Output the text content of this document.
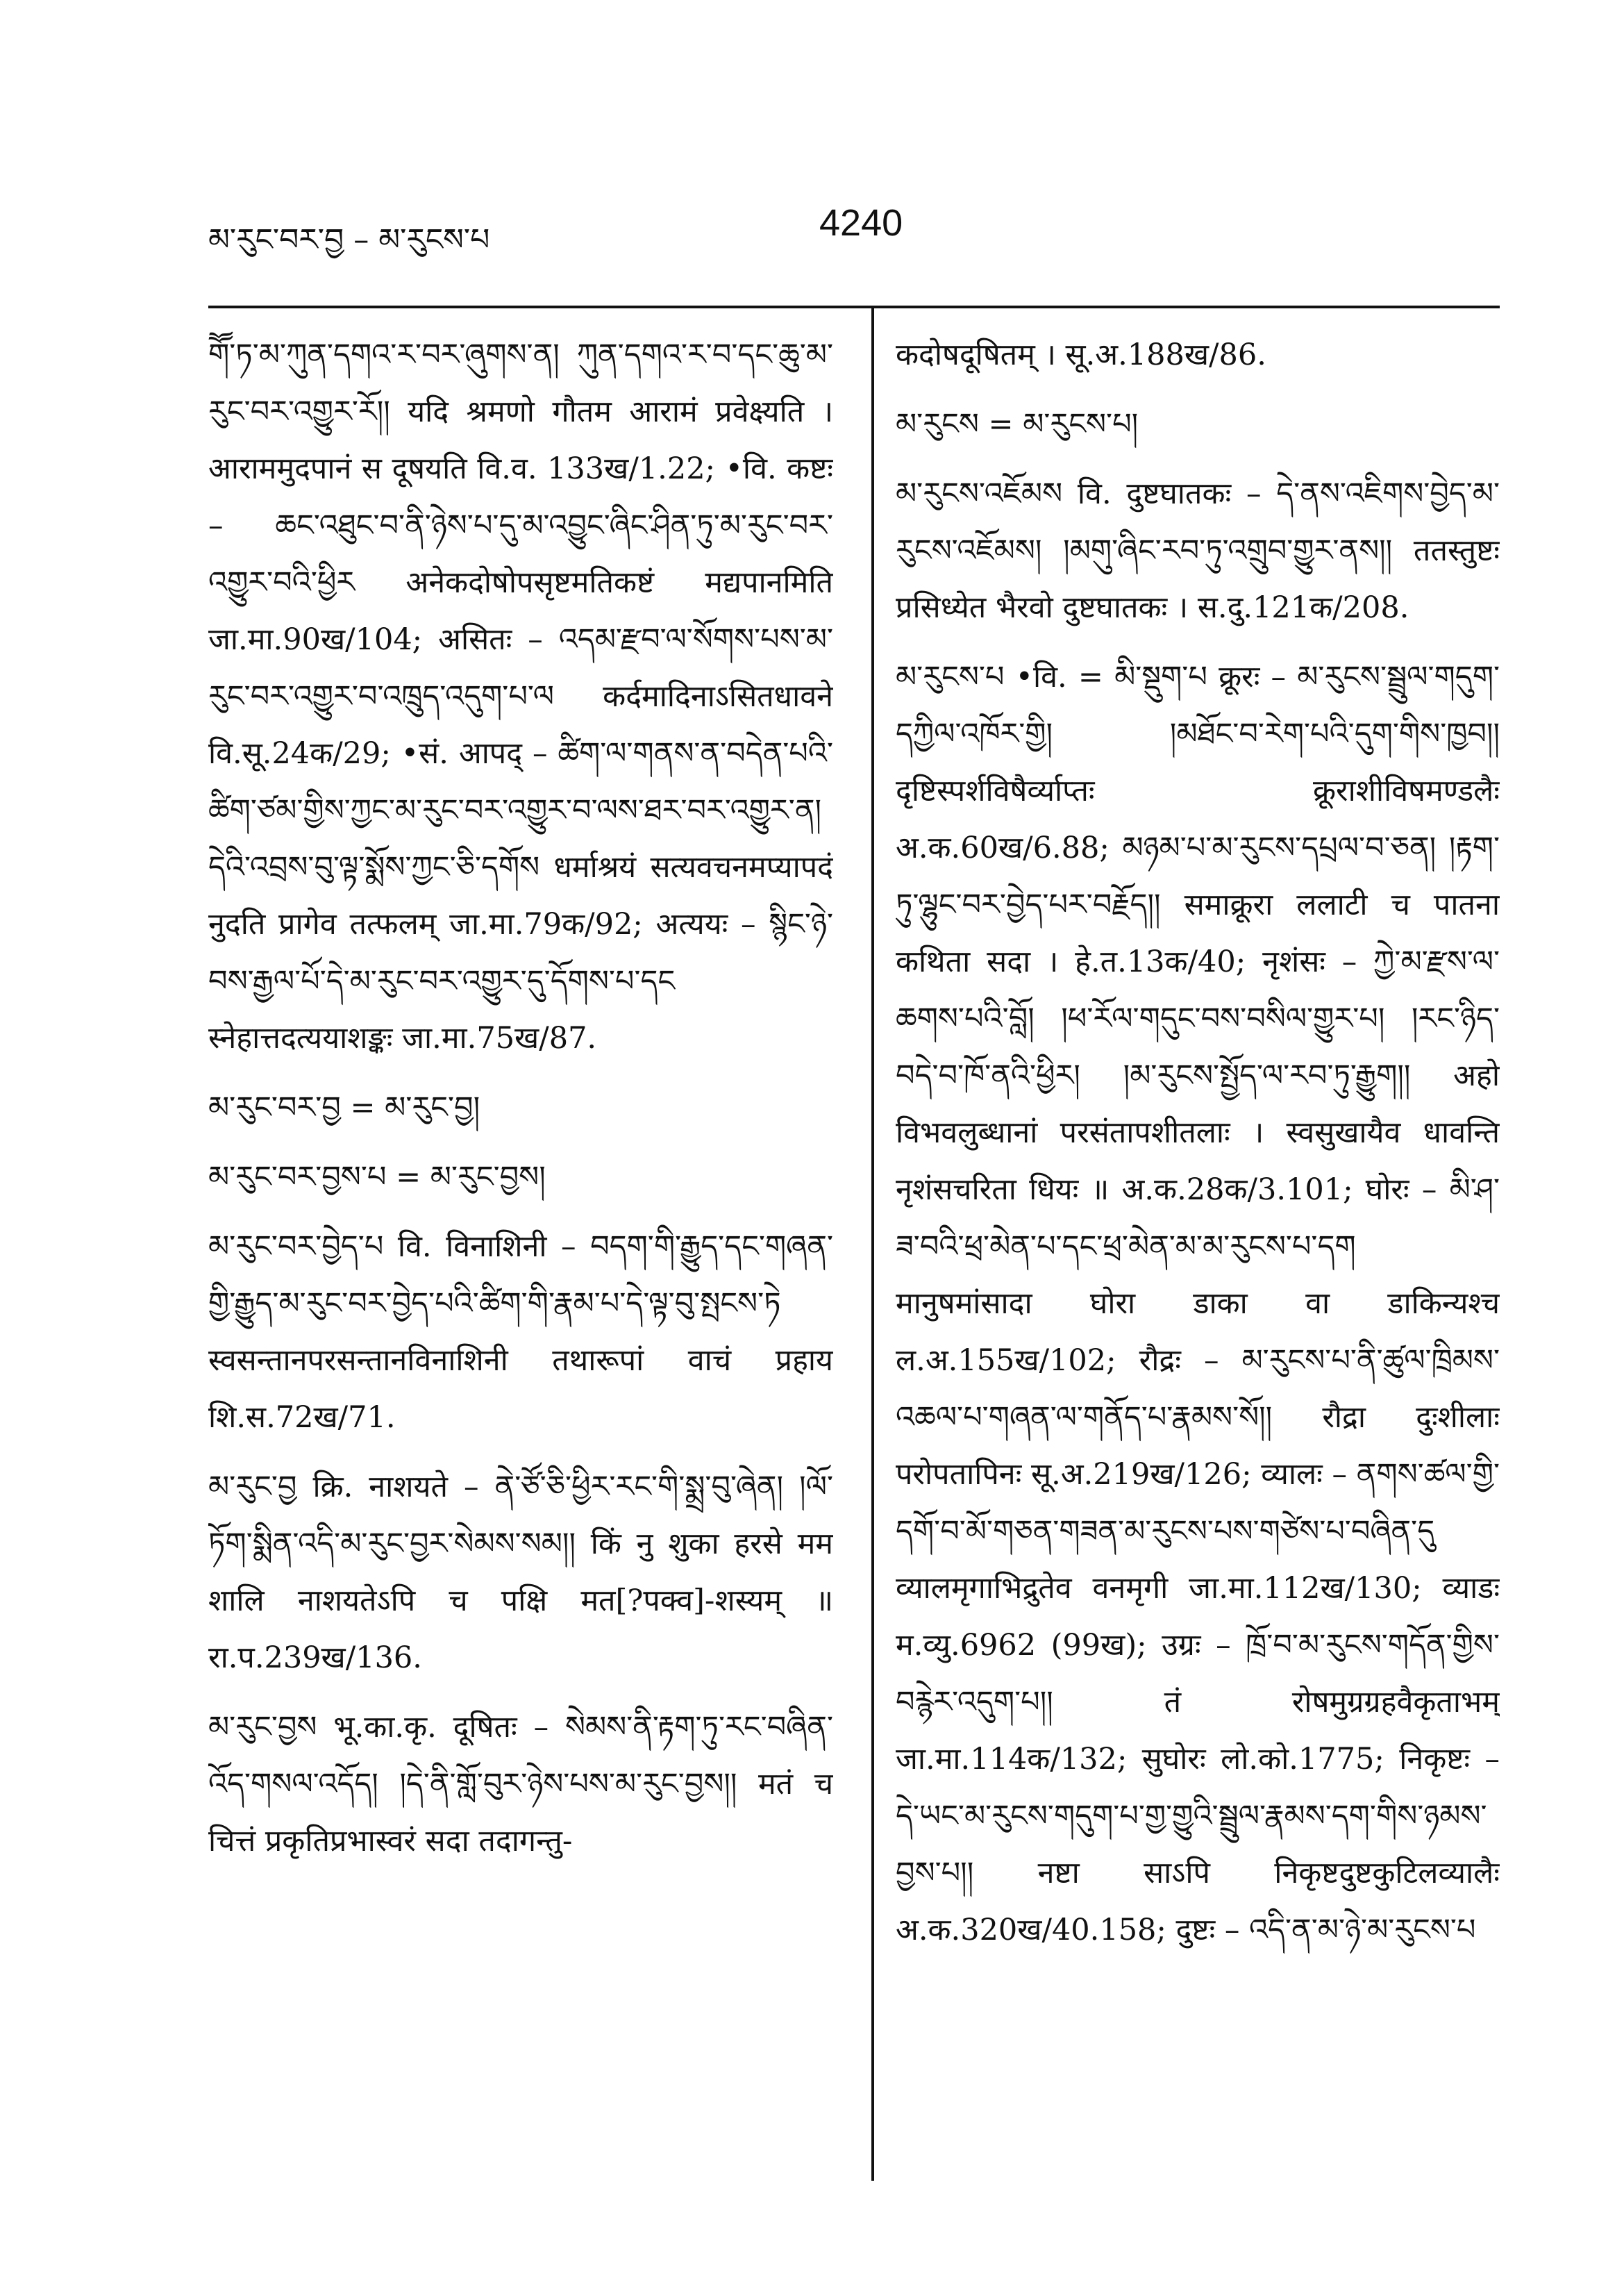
མ་རུང་བར་བྱ – མ་རུངས་པ	4240

གཽ་ཏ་མ་ཀུན་དགའ་ར་བར་ཞུགས་ན། ཀུན་དགའ་ར་བ་དང་ཆུ་མ་རུང་བར་འགྱུར་རོ།། यदि श्रमणो गौतम आरामं प्रवेक्ष्यति । आराममुदपानं स दूषयति वि.व. 133ख/1.22; •वि. कष्टः – ཆང་འཐུང་བ་ནི་ཉེས་པ་དུ་མ་འབྱུང་ཞིང་ཤིན་ཏུ་མ་རུང་བར་འགྱུར་བའི་ཕྱིར अनेकदोषोपसृष्टमतिकष्टं मद्यपानमिति जा.मा.90ख/104; असितः – འདམ་རྫབ་ལ་སོགས་པས་མ་རུང་བར་འགྱུར་བ་འཁྲུད་འདུག་པ་ལ कर्दमादिनाऽसितधावने वि.सू.24क/29; •सं. आपद् – ཚིག་ལ་གནས་ན་བདེན་པའི་ཚིག་ཙམ་གྱིས་ཀྱང་མ་རུང་བར་འགྱུར་བ་ལས་ཐར་བར་འགྱུར་ན། དེའི་འབྲས་བུ་ལྟ་སྨོས་ཀྱང་ཅི་དགོས धर्माश्रयं सत्यवचनमप्यापदं नुदति प्रागेव तत्फलम् जा.मा.79क/92; अत्ययः – སྙིང་ཉེ་བས་རྒྱལ་པོ་དེ་མ་རུང་བར་འགྱུར་དུ་དོགས་པ་དང स्नेहात्तदत्ययाशङ्कः जा.मा.75ख/87.

མ་རུང་བར་བྱ = མ་རུང་བྱ།

མ་རུང་བར་བྱས་པ = མ་རུང་བྱས།

མ་རུང་བར་བྱེད་པ वि. विनाशिनी – བདག་གི་རྒྱུད་དང་གཞན་གྱི་རྒྱུད་མ་རུང་བར་བྱེད་པའི་ཚིག་གི་རྣམ་པ་དེ་ལྟ་བུ་སྤངས་ཏེ स्वसन्तानपरसन्तानविनाशिनी तथारूपां वाचं प्रहाय शि.स.72ख/71.

མ་རུང་བྱ क्रि. नाशयते – ནེ་ཙོ་ཅི་ཕྱིར་རང་གི་སྨྲ་བུ་ཞེན། །ལོ་ཏོག་སྨིན་འདི་མ་རུང་བྱར་སེམས་སམ།། किं नु शुका हरसे मम शालि नाशयतेऽपि च पक्षि मत[?पक्व]-शस्यम् ॥ रा.प.239ख/136.

མ་རུང་བྱས भू.का.कृ. दूषितः – སེམས་ནི་རྟག་ཏུ་རང་བཞིན་འོད་གསལ་འདོད། །དེ་ནི་གློ་བུར་ཉེས་པས་མ་རུང་བྱས།། मतं च चित्तं प्रकृतिप्रभास्वरं सदा तदागन्तु-

कदोषदूषितम् । सू.अ.188ख/86.

མ་རུངས = མ་རུངས་པ།

མ་རུངས་འཇོམས वि. दुष्टघातकः – དེ་ནས་འཇིགས་བྱེད་མ་རུངས་འཇོམས། །མགུ་ཞིང་རབ་ཏུ་འགྲུབ་གྱུར་ནས།། ततस्तुष्टः प्रसिध्येत भैरवो दुष्टघातकः । स.दु.121क/208.

མ་རུངས་པ •वि. = མི་སྡུག་པ क्रूरः – མ་རུངས་སྦྲུལ་གདུག་དཀྱིལ་འཁོར་གྱི། །མཐོང་བ་རེག་པའི་དུག་གིས་ཁྱབ།། दृष्टिस्पर्शविषैर्व्याप्तः क्रूराशीविषमण्डलैः अ.क.60ख/6.88; མཉམ་པ་མ་རུངས་དཔྲལ་བ་ཅན། །རྟག་ཏུ་ལྷུང་བར་བྱེད་པར་བརྗོད།། समाक्रूरा ललाटी च पातना कथिता सदा । हे.त.13क/40; नृशंसः – ཀྱེ་མ་རྫས་ལ་ཆགས་པའི་བློ། །ཕ་རོལ་གདུང་བས་བསིལ་གྱུར་པ། །རང་ཉིད་བདེ་བ་ཁོ་ནའི་ཕྱིར། །མ་རུངས་སྤྱོད་ལ་རབ་ཏུ་རྒྱུག།། अहो विभवलुब्धानां परसंतापशीतलाः । स्वसुखायैव धावन्ति नृशंसचरिता धियः ॥ अ.क.28क/3.101; घोरः – མི་ཤ་ཟ་བའི་ཕྲ་མེན་པ་དང་ཕྲ་མེན་མ་མ་རུངས་པ་དག मानुषमांसादा घोरा डाका वा डाकिन्यश्च ल.अ.155ख/102; रौद्रः – མ་རུངས་པ་ནི་ཚུལ་ཁྲིམས་འཆལ་པ་གཞན་ལ་གནོད་པ་རྣམས་སོ།། रौद्रा दुःशीलाः परोपतापिनः सू.अ.219ख/126; व्यालः – ནགས་ཚལ་གྱི་དགོ་བ་མོ་གཅན་གཟན་མ་རུངས་པས་གཙེས་པ་བཞིན་དུ व्यालमृगाभिद्रुतेव वनमृगी जा.मा.112ख/130; व्याडः म.व्यु.6962 (99ख); उग्रः – ཁྲོ་བ་མ་རུངས་གདོན་གྱིས་བརྙེར་འདུག་པ།། तं रोषमुग्रग्रहवैकृताभम् जा.मा.114क/132; सुघोरः लो.को.1775; निकृष्टः – དེ་ཡང་མ་རུངས་གདུག་པ་གྱ་གྱུའི་སྦྲུལ་རྣམས་དག་གིས་ཉམས་བྱས་པ།། नष्टा साऽपि निकृष्टदुष्टकुटिलव्यालैः अ.क.320ख/40.158; दुष्टः – འདི་ན་མ་ཉེ་མ་རུངས་པ
